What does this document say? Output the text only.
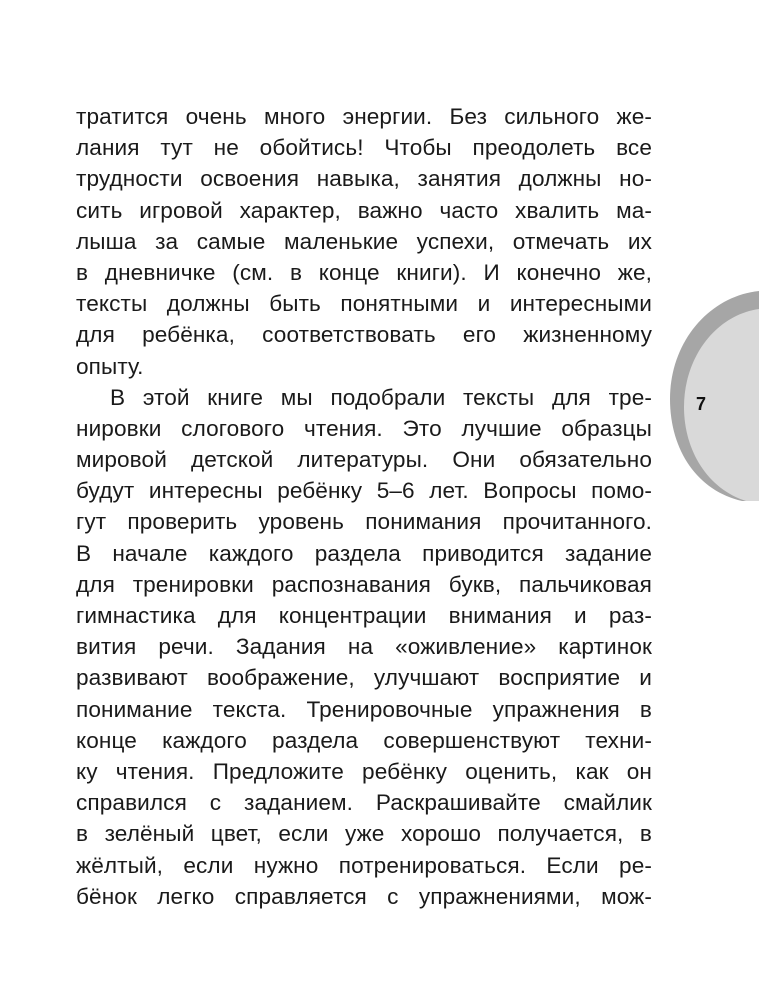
тратится очень много энергии. Без сильного же-
лания тут не обойтись! Чтобы преодолеть все
трудности освоения навыка, занятия должны но-
сить игровой характер, важно часто хвалить ма-
лыша за самые маленькие успехи, отмечать их
в дневничке (см. в конце книги). И конечно же,
тексты должны быть понятными и интересными
для ребёнка, соответствовать его жизненному
опыту.
В этой книге мы подобрали тексты для тре-
нировки слогового чтения. Это лучшие образцы
мировой детской литературы. Они обязательно
будут интересны ребёнку 5–6 лет. Вопросы помо-
гут проверить уровень понимания прочитанного.
В начале каждого раздела приводится задание
для тренировки распознавания букв, пальчиковая
гимнастика для концентрации внимания и раз-
вития речи. Задания на «оживление» картинок
развивают воображение, улучшают восприятие и
понимание текста. Тренировочные упражнения в
конце каждого раздела совершенствуют техни-
ку чтения. Предложите ребёнку оценить, как он
справился с заданием. Раскрашивайте смайлик
в зелёный цвет, если уже хорошо получается, в
жёлтый, если нужно потренироваться. Если ре-
бёнок легко справляется с упражнениями, мож-
7
